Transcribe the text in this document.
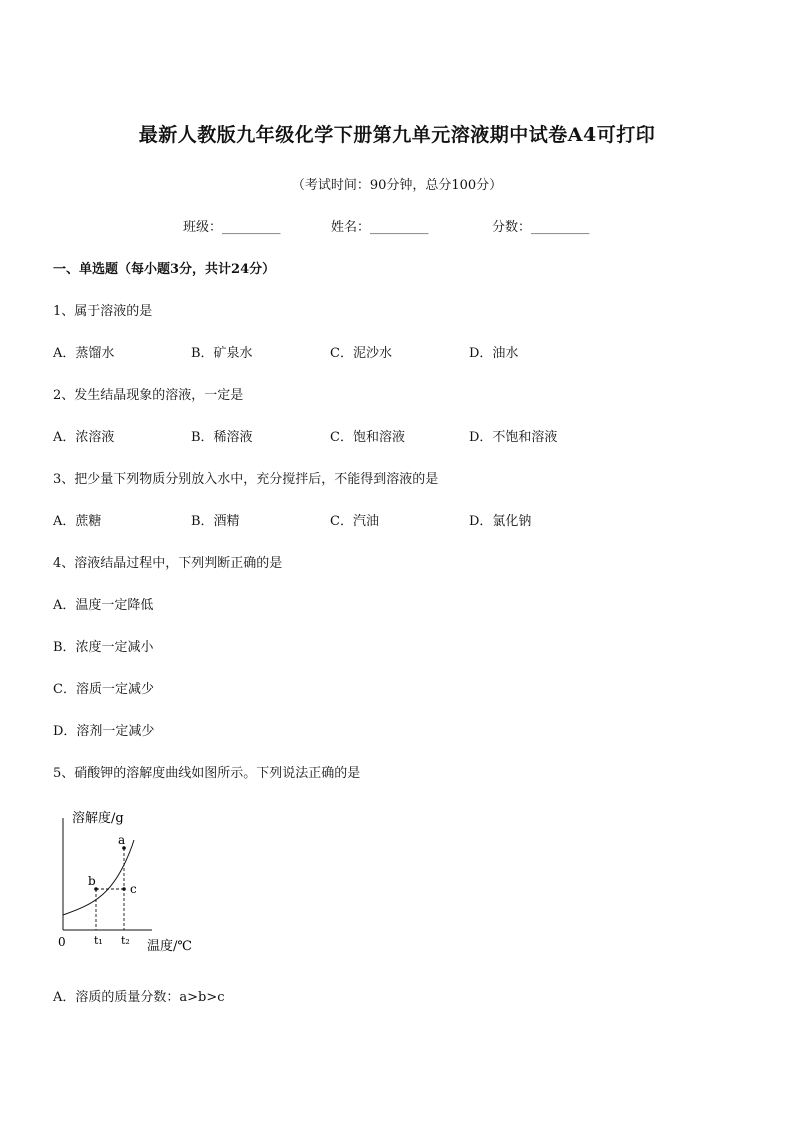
最新人教版九年级化学下册第九单元溶液期中试卷A4可打印
（考试时间：90分钟，总分100分）
班级：_________	姓名：_________	分数：_________
一、单选题（每小题3分，共计24分）
1、属于溶液的是
A．蒸馏水	B．矿泉水	C．泥沙水	D．油水
2、发生结晶现象的溶液，一定是
A．浓溶液	B．稀溶液	C．饱和溶液	D．不饱和溶液
3、把少量下列物质分别放入水中，充分搅拌后，不能得到溶液的是
A．蔗糖	B．酒精	C．汽油	D．氯化钠
4、溶液结晶过程中，下列判断正确的是
A．温度一定降低
B．浓度一定减小
C．溶质一定减少
D．溶剂一定减少
5、硝酸钾的溶解度曲线如图所示。下列说法正确的是
溶解度/g
a
b
c
0	t₁ t₂ 温度/℃
A．溶质的质量分数：a>b>c
